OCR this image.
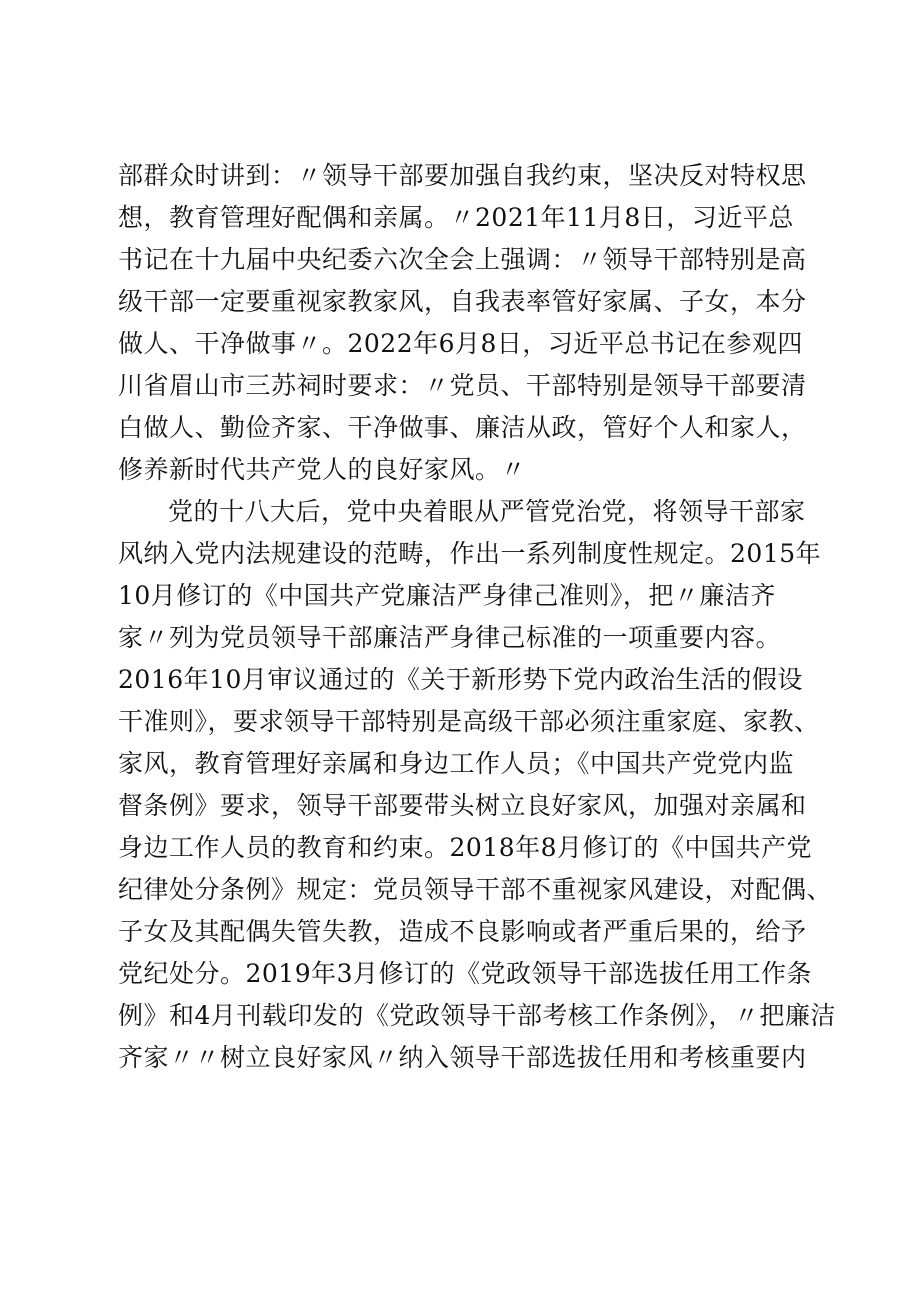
部群众时讲到：〃领导干部要加强自我约束，坚决反对特权思
想，教育管理好配偶和亲属。〃2021年11月8日，习近平总
书记在十九届中央纪委六次全会上强调：〃领导干部特别是高
级干部一定要重视家教家风，自我表率管好家属、子女，本分
做人、干净做事〃。2022年6月8日，习近平总书记在参观四
川省眉山市三苏祠时要求：〃党员、干部特别是领导干部要清
白做人、勤俭齐家、干净做事、廉洁从政，管好个人和家人，
修养新时代共产党人的良好家风。〃
党的十八大后，党中央着眼从严管党治党，将领导干部家
风纳入党内法规建设的范畴，作出一系列制度性规定。2015年
10月修订的《中国共产党廉洁严身律己准则》，把〃廉洁齐
家〃列为党员领导干部廉洁严身律己标准的一项重要内容。
2016年10月审议通过的《关于新形势下党内政治生活的假设
干准则》，要求领导干部特别是高级干部必须注重家庭、家教、
家风，教育管理好亲属和身边工作人员；《中国共产党党内监
督条例》要求，领导干部要带头树立良好家风，加强对亲属和
身边工作人员的教育和约束。2018年8月修订的《中国共产党
纪律处分条例》规定：党员领导干部不重视家风建设，对配偶、
子女及其配偶失管失教，造成不良影响或者严重后果的，给予
党纪处分。2019年3月修订的《党政领导干部选拔任用工作条
例》和4月刊载印发的《党政领导干部考核工作条例》，〃把廉洁
齐家〃〃树立良好家风〃纳入领导干部选拔任用和考核重要内
